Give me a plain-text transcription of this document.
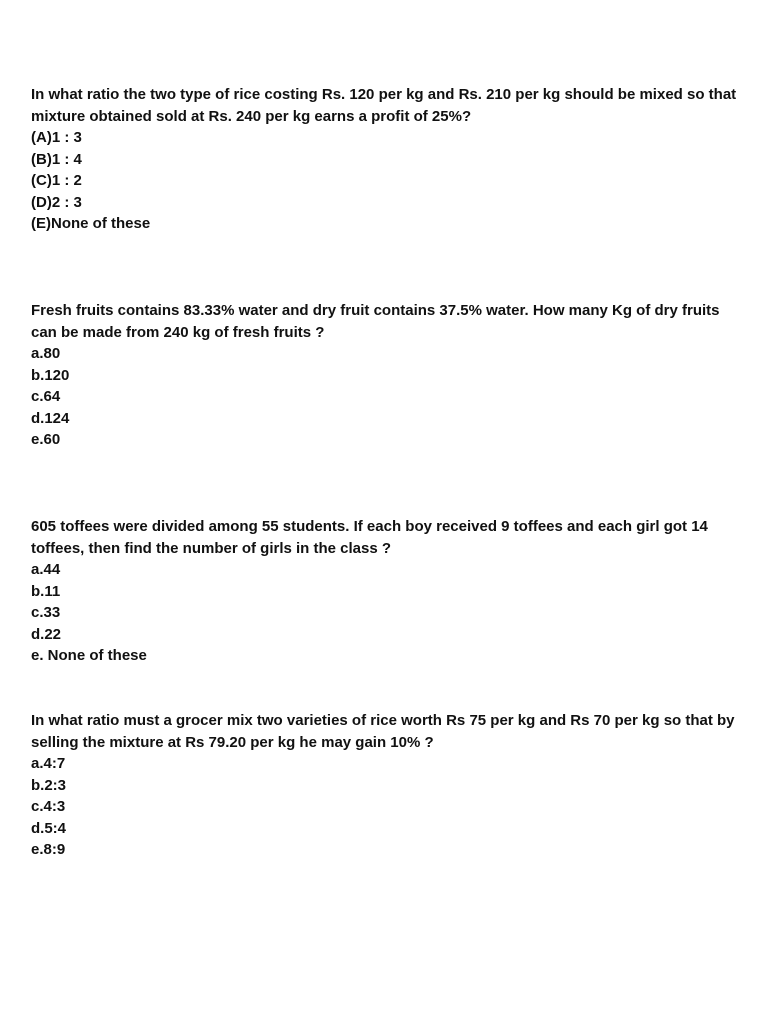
In what ratio the two type of rice costing Rs. 120 per kg and Rs. 210 per kg should be mixed so that mixture obtained sold at Rs. 240 per kg earns a profit of 25%?

(A)1 : 3
(B)1 : 4
(C)1 : 2
(D)2 : 3
(E)None of these

Fresh fruits contains 83.33% water and dry fruit contains 37.5% water. How many Kg of dry fruits can be made from 240 kg of fresh fruits ?

a.80
b.120
c.64
d.124
e.60

605 toffees were divided among 55 students. If each boy received 9 toffees and each girl got 14 toffees, then find the number of girls in the class ?

a.44
b.11
c.33
d.22
e. None of these

In what ratio must a grocer mix two varieties of rice worth Rs 75 per kg and Rs 70 per kg so that by selling the mixture at Rs 79.20 per kg he may gain 10% ?

a.4:7
b.2:3
c.4:3
d.5:4
e.8:9
